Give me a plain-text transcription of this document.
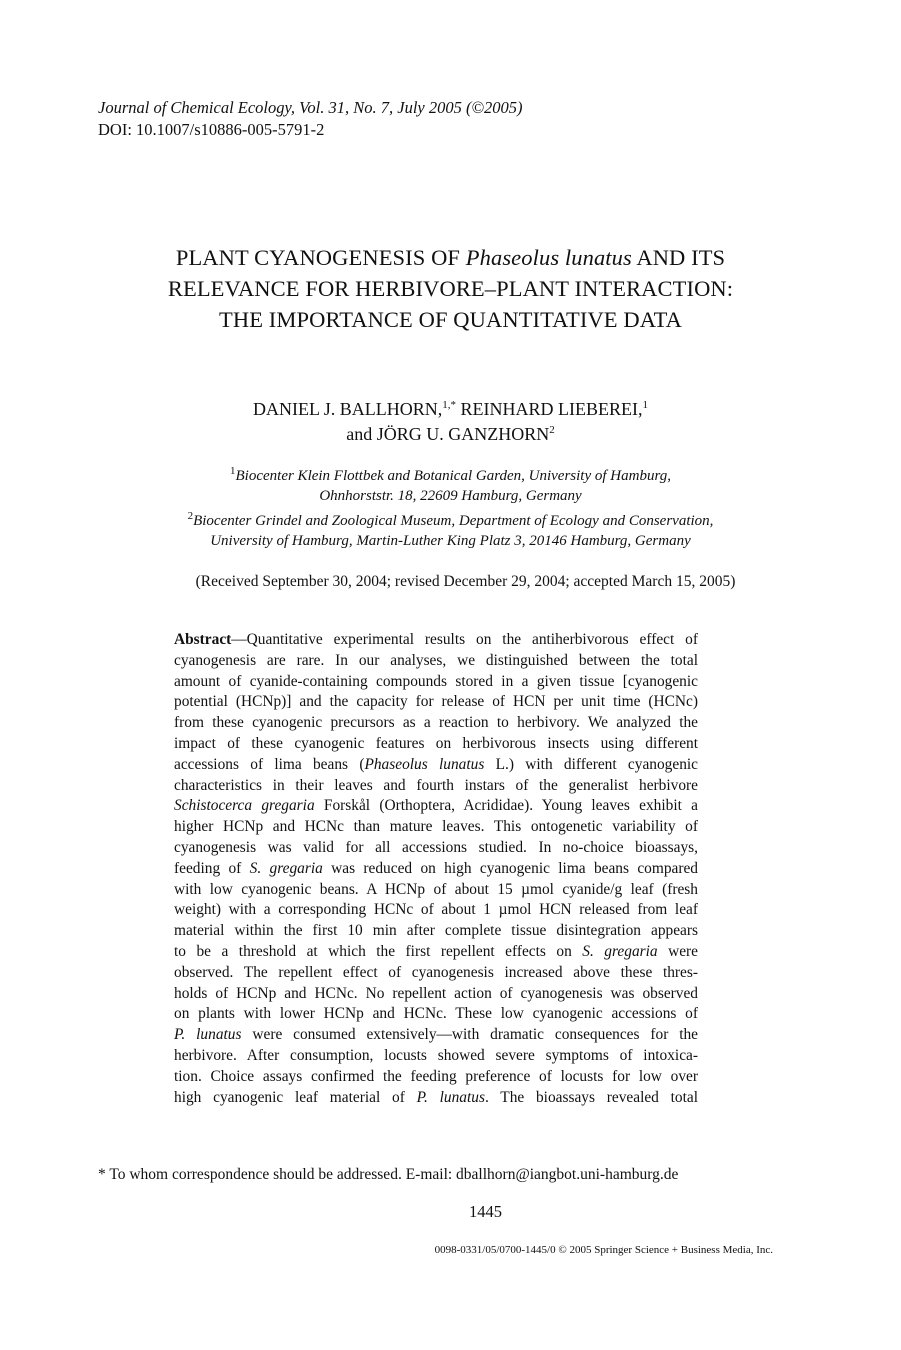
Journal of Chemical Ecology, Vol. 31, No. 7, July 2005 (©2005)
DOI: 10.1007/s10886-005-5791-2
PLANT CYANOGENESIS OF Phaseolus lunatus AND ITS
RELEVANCE FOR HERBIVORE–PLANT INTERACTION:
THE IMPORTANCE OF QUANTITATIVE DATA
DANIEL J. BALLHORN,$^{1,*}$ REINHARD LIEBEREI,$^1$
and JÖRG U. GANZHORN$^2$
$^1$Biocenter Klein Flottbek and Botanical Garden, University of Hamburg,
Ohnhorststr. 18, 22609 Hamburg, Germany
$^2$Biocenter Grindel and Zoological Museum, Department of Ecology and Conservation,
University of Hamburg, Martin-Luther King Platz 3, 20146 Hamburg, Germany
(Received September 30, 2004; revised December 29, 2004; accepted March 15, 2005)
Abstract—Quantitative experimental results on the antiherbivorous effect of
cyanogenesis are rare. In our analyses, we distinguished between the total
amount of cyanide-containing compounds stored in a given tissue [cyanogenic
potential (HCNp)] and the capacity for release of HCN per unit time (HCNc)
from these cyanogenic precursors as a reaction to herbivory. We analyzed the
impact of these cyanogenic features on herbivorous insects using different
accessions of lima beans (Phaseolus lunatus L.) with different cyanogenic
characteristics in their leaves and fourth instars of the generalist herbivore
Schistocerca gregaria Forskål (Orthoptera, Acrididae). Young leaves exhibit a
higher HCNp and HCNc than mature leaves. This ontogenetic variability of
cyanogenesis was valid for all accessions studied. In no-choice bioassays,
feeding of S. gregaria was reduced on high cyanogenic lima beans compared
with low cyanogenic beans. A HCNp of about 15 µmol cyanide/g leaf (fresh
weight) with a corresponding HCNc of about 1 µmol HCN released from leaf
material within the first 10 min after complete tissue disintegration appears
to be a threshold at which the first repellent effects on S. gregaria were
observed. The repellent effect of cyanogenesis increased above these thres-
holds of HCNp and HCNc. No repellent action of cyanogenesis was observed
on plants with lower HCNp and HCNc. These low cyanogenic accessions of
P. lunatus were consumed extensively—with dramatic consequences for the
herbivore. After consumption, locusts showed severe symptoms of intoxica-
tion. Choice assays confirmed the feeding preference of locusts for low over
high cyanogenic leaf material of P. lunatus. The bioassays revealed total
* To whom correspondence should be addressed. E-mail: dballhorn@iangbot.uni-hamburg.de
1445
0098-0331/05/0700-1445/0 © 2005 Springer Science + Business Media, Inc.
